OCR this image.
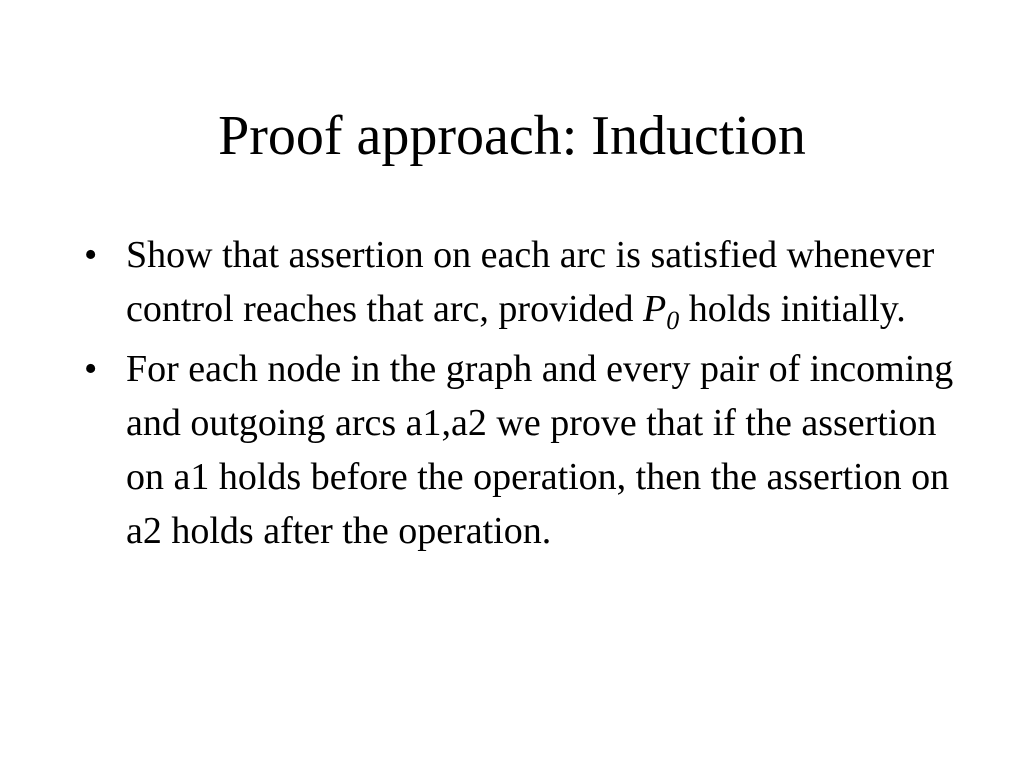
Proof approach: Induction
• Show that assertion on each arc is satisfied whenever control reaches that arc, provided $P_0$ holds initially.
• For each node in the graph and every pair of incoming and outgoing arcs a1,a2 we prove that if the assertion on a1 holds before the operation, then the assertion on a2 holds after the operation.
